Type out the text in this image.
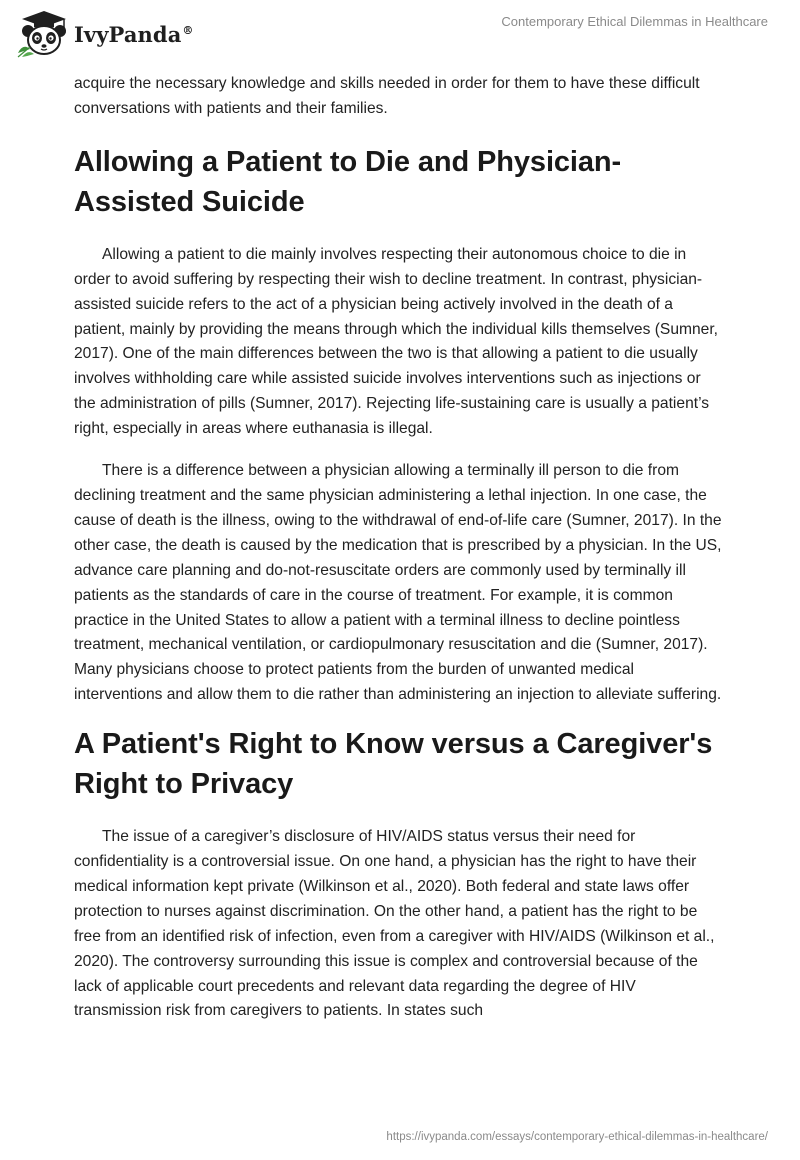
IvyPanda®
Contemporary Ethical Dilemmas in Healthcare

acquire the necessary knowledge and skills needed in order for them to have these difficult conversations with patients and their families.

Allowing a Patient to Die and Physician-Assisted Suicide

Allowing a patient to die mainly involves respecting their autonomous choice to die in order to avoid suffering by respecting their wish to decline treatment. In contrast, physician-assisted suicide refers to the act of a physician being actively involved in the death of a patient, mainly by providing the means through which the individual kills themselves (Sumner, 2017). One of the main differences between the two is that allowing a patient to die usually involves withholding care while assisted suicide involves interventions such as injections or the administration of pills (Sumner, 2017). Rejecting life-sustaining care is usually a patient’s right, especially in areas where euthanasia is illegal.

There is a difference between a physician allowing a terminally ill person to die from declining treatment and the same physician administering a lethal injection. In one case, the cause of death is the illness, owing to the withdrawal of end-of-life care (Sumner, 2017). In the other case, the death is caused by the medication that is prescribed by a physician. In the US, advance care planning and do-not-resuscitate orders are commonly used by terminally ill patients as the standards of care in the course of treatment. For example, it is common practice in the United States to allow a patient with a terminal illness to decline pointless treatment, mechanical ventilation, or cardiopulmonary resuscitation and die (Sumner, 2017). Many physicians choose to protect patients from the burden of unwanted medical interventions and allow them to die rather than administering an injection to alleviate suffering.

A Patient's Right to Know versus a Caregiver's Right to Privacy

The issue of a caregiver’s disclosure of HIV/AIDS status versus their need for confidentiality is a controversial issue. On one hand, a physician has the right to have their medical information kept private (Wilkinson et al., 2020). Both federal and state laws offer protection to nurses against discrimination. On the other hand, a patient has the right to be free from an identified risk of infection, even from a caregiver with HIV/AIDS (Wilkinson et al., 2020). The controversy surrounding this issue is complex and controversial because of the lack of applicable court precedents and relevant data regarding the degree of HIV transmission risk from caregivers to patients. In states such

https://ivypanda.com/essays/contemporary-ethical-dilemmas-in-healthcare/
